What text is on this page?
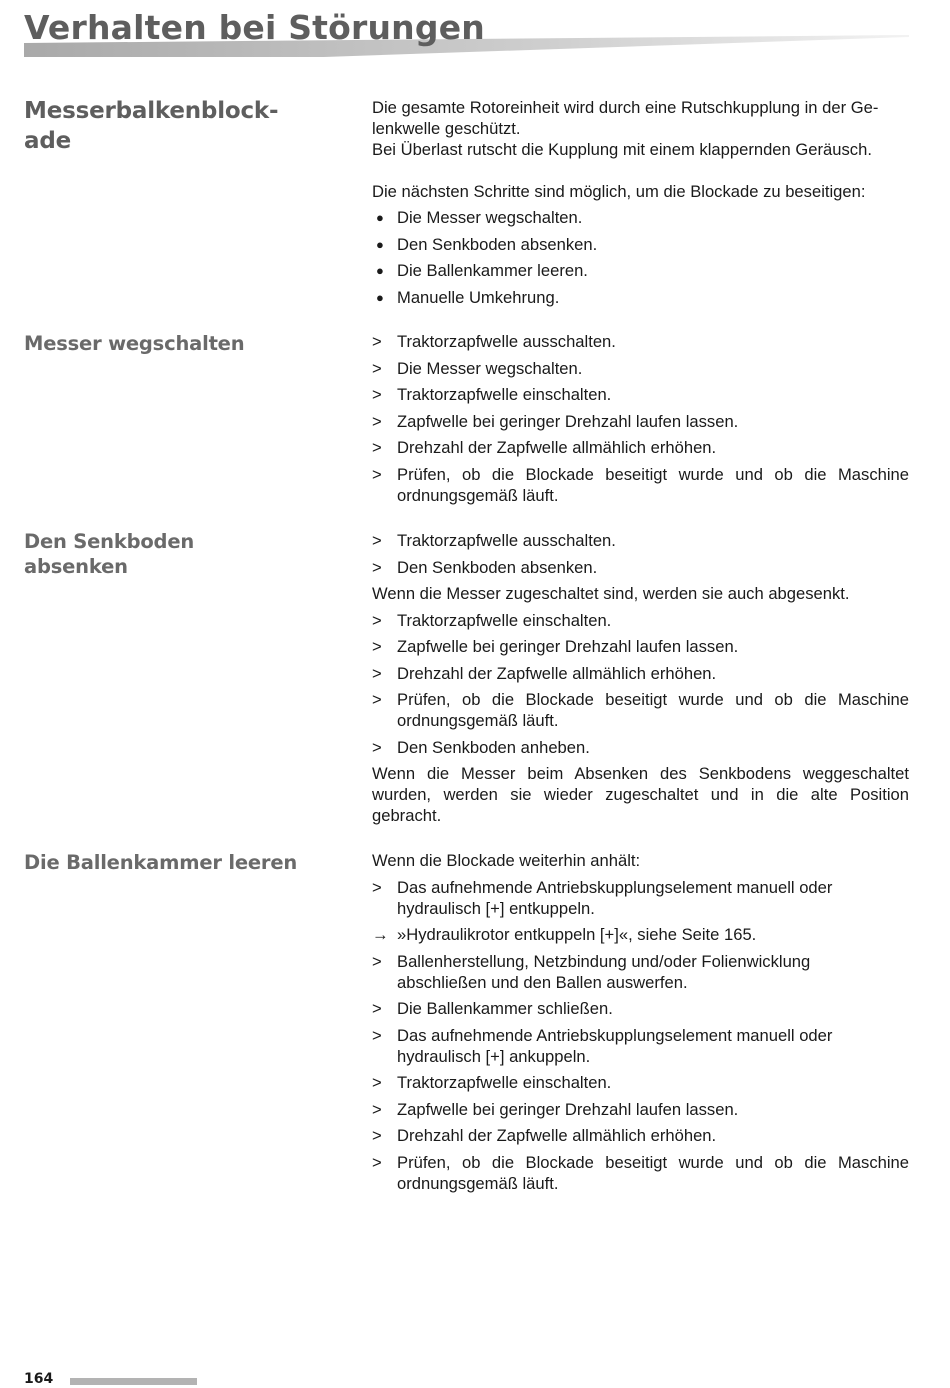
Verhalten bei Störungen
Messerbalkenblock-
ade
Die gesamte Rotoreinheit wird durch eine Rutschkupplung in der Ge-
lenkwelle geschützt.
Bei Überlast rutscht die Kupplung mit einem klappernden Geräusch.

Die nächsten Schritte sind möglich, um die Blockade zu beseitigen:

● Die Messer wegschalten.
● Den Senkboden absenken.
● Die Ballenkammer leeren.
● Manuelle Umkehrung.
Messer wegschalten	> Traktorzapfwelle ausschalten.
> Die Messer wegschalten.
> Traktorzapfwelle einschalten.
> Zapfwelle bei geringer Drehzahl laufen lassen.
> Drehzahl der Zapfwelle allmählich erhöhen.
> Prüfen, ob die Blockade beseitigt wurde und ob die Maschine ordnungsgemäß läuft.
Den Senkboden
absenken
> Traktorzapfwelle ausschalten.
> Den Senkboden absenken.

Wenn die Messer zugeschaltet sind, werden sie auch abgesenkt.

> Traktorzapfwelle einschalten.
> Zapfwelle bei geringer Drehzahl laufen lassen.
> Drehzahl der Zapfwelle allmählich erhöhen.
> Prüfen, ob die Blockade beseitigt wurde und ob die Maschine ordnungsgemäß läuft.
> Den Senkboden anheben.

Wenn die Messer beim Absenken des Senkbodens weggeschaltet wurden, werden sie wieder zugeschaltet und in die alte Position gebracht.

Die Ballenkammer leeren	Wenn die Blockade weiterhin anhält:

> Das aufnehmende Antriebskupplungselement manuell oder hydraulisch [+] entkuppeln.
→ »Hydraulikrotor entkuppeln [+]«, siehe Seite 165.
> Ballenherstellung, Netzbindung und/oder Folienwicklung abschließen und den Ballen auswerfen.
> Die Ballenkammer schließen.
> Das aufnehmende Antriebskupplungselement manuell oder hydraulisch [+] ankuppeln.
> Traktorzapfwelle einschalten.
> Zapfwelle bei geringer Drehzahl laufen lassen.
> Drehzahl der Zapfwelle allmählich erhöhen.
> Prüfen, ob die Blockade beseitigt wurde und ob die Maschine ordnungsgemäß läuft.
164
